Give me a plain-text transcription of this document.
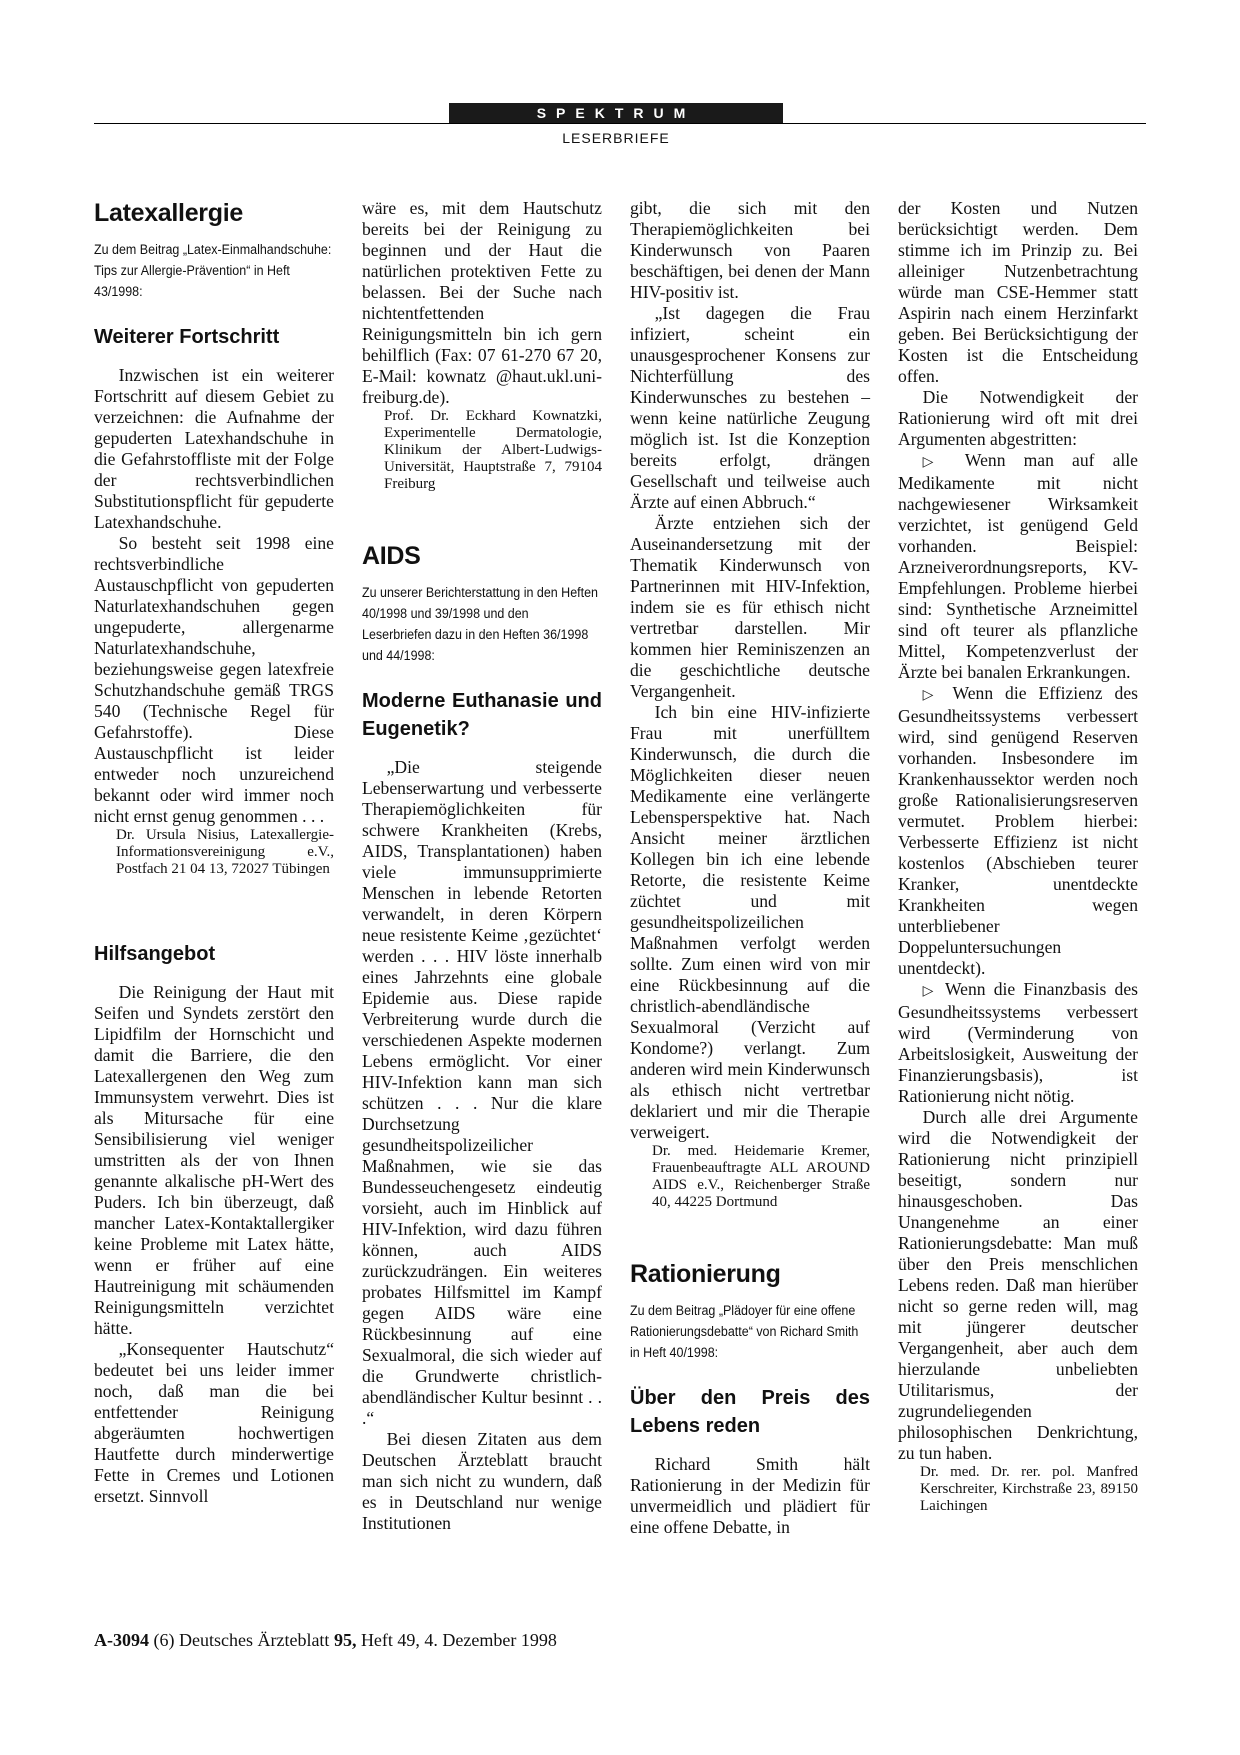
SPEKTRUM
LESERBRIEFE
Latexallergie
Zu dem Beitrag „Latex-Einmalhandschuhe: Tips zur Allergie-Prävention“ in Heft 43/1998:
Weiterer Fortschritt

Inzwischen ist ein weiterer Fortschritt auf diesem Gebiet zu verzeichnen: die Aufnahme der gepuderten Latexhandschuhe in die Gefahrstoffliste mit der Folge der rechtsverbindlichen Substitutionspflicht für gepuderte Latexhandschuhe.

So besteht seit 1998 eine rechtsverbindliche Austauschpflicht von gepuderten Naturlatexhandschuhen gegen ungepuderte, allergenarme Naturlatexhandschuhe, beziehungsweise gegen latexfreie Schutzhandschuhe gemäß TRGS 540 (Technische Regel für Gefahrstoffe). Diese Austauschpflicht ist leider entweder noch unzureichend bekannt oder wird immer noch nicht ernst genug genommen . . .

Dr. Ursula Nisius, Latexallergie-Informationsvereinigung e.V., Postfach 21 04 13, 72027 Tübingen

Hilfsangebot

Die Reinigung der Haut mit Seifen und Syndets zerstört den Lipidfilm der Hornschicht und damit die Barriere, die den Latexallergenen den Weg zum Immunsystem verwehrt. Dies ist als Mitursache für eine Sensibilisierung viel weniger umstritten als der von Ihnen genannte alkalische pH-Wert des Puders. Ich bin überzeugt, daß mancher Latex-Kontaktallergiker keine Probleme mit Latex hätte, wenn er früher auf eine Hautreinigung mit schäumenden Reinigungsmitteln verzichtet hätte.

„Konsequenter Hautschutz“ bedeutet bei uns leider immer noch, daß man die bei entfettender Reinigung abgeräumten hochwertigen Hautfette durch minderwertige Fette in Cremes und Lotionen ersetzt. Sinnvoll

wäre es, mit dem Hautschutz bereits bei der Reinigung zu beginnen und der Haut die natürlichen protektiven Fette zu belassen. Bei der Suche nach nichtentfettenden Reinigungsmitteln bin ich gern behilflich (Fax: 07 61-270 67 20, E-Mail: kownatz @haut.ukl.uni-freiburg.de).

Prof. Dr. Eckhard Kownatzki, Experimentelle Dermatologie, Klinikum der Albert-Ludwigs-Universität, Hauptstraße 7, 79104 Freiburg

AIDS
Zu unserer Berichterstattung in den Heften 40/1998 und 39/1998 und den Leserbriefen dazu in den Heften 36/1998 und 44/1998:
Moderne Euthanasie und Eugenetik?

„Die steigende Lebenserwartung und verbesserte Therapiemöglichkeiten für schwere Krankheiten (Krebs, AIDS, Transplantationen) haben viele immunsupprimierte Menschen in lebende Retorten verwandelt, in deren Körpern neue resistente Keime ‚gezüchtet‘ werden . . . HIV löste innerhalb eines Jahrzehnts eine globale Epidemie aus. Diese rapide Verbreiterung wurde durch die verschiedenen Aspekte modernen Lebens ermöglicht. Vor einer HIV-Infektion kann man sich schützen . . . Nur die klare Durchsetzung gesundheitspolizeilicher Maßnahmen, wie sie das Bundesseuchengesetz eindeutig vorsieht, auch im Hinblick auf HIV-Infektion, wird dazu führen können, auch AIDS zurückzudrängen. Ein weiteres probates Hilfsmittel im Kampf gegen AIDS wäre eine Rückbesinnung auf eine Sexualmoral, die sich wieder auf die Grundwerte christlich-abendländischer Kultur besinnt . . .“

Bei diesen Zitaten aus dem Deutschen Ärzteblatt braucht man sich nicht zu wundern, daß es in Deutschland nur wenige Institutionen

gibt, die sich mit den Therapiemöglichkeiten bei Kinderwunsch von Paaren beschäftigen, bei denen der Mann HIV-positiv ist.

„Ist dagegen die Frau infiziert, scheint ein unausgesprochener Konsens zur Nichterfüllung des Kinderwunsches zu bestehen – wenn keine natürliche Zeugung möglich ist. Ist die Konzeption bereits erfolgt, drängen Gesellschaft und teilweise auch Ärzte auf einen Abbruch.“

Ärzte entziehen sich der Auseinandersetzung mit der Thematik Kinderwunsch von Partnerinnen mit HIV-Infektion, indem sie es für ethisch nicht vertretbar darstellen. Mir kommen hier Reminiszenzen an die geschichtliche deutsche Vergangenheit.

Ich bin eine HIV-infizierte Frau mit unerfülltem Kinderwunsch, die durch die Möglichkeiten dieser neuen Medikamente eine verlängerte Lebensperspektive hat. Nach Ansicht meiner ärztlichen Kollegen bin ich eine lebende Retorte, die resistente Keime züchtet und mit gesundheitspolizeilichen Maßnahmen verfolgt werden sollte. Zum einen wird von mir eine Rückbesinnung auf die christlich-abendländische Sexualmoral (Verzicht auf Kondome?) verlangt. Zum anderen wird mein Kinderwunsch als ethisch nicht vertretbar deklariert und mir die Therapie verweigert.

Dr. med. Heidemarie Kremer, Frauenbeauftragte ALL AROUND AIDS e.V., Reichenberger Straße 40, 44225 Dortmund

Rationierung
Zu dem Beitrag „Plädoyer für eine offene Rationierungsdebatte“ von Richard Smith in Heft 40/1998:
Über den Preis des Lebens reden

Richard Smith hält Rationierung in der Medizin für unvermeidlich und plädiert für eine offene Debatte, in

der Kosten und Nutzen berücksichtigt werden. Dem stimme ich im Prinzip zu. Bei alleiniger Nutzenbetrachtung würde man CSE-Hemmer statt Aspirin nach einem Herzinfarkt geben. Bei Berücksichtigung der Kosten ist die Entscheidung offen.

Die Notwendigkeit der Rationierung wird oft mit drei Argumenten abgestritten:

▷ Wenn man auf alle Medikamente mit nicht nachgewiesener Wirksamkeit verzichtet, ist genügend Geld vorhanden. Beispiel: Arzneiverordnungsreports, KV-Empfehlungen. Probleme hierbei sind: Synthetische Arzneimittel sind oft teurer als pflanzliche Mittel, Kompetenzverlust der Ärzte bei banalen Erkrankungen.

▷ Wenn die Effizienz des Gesundheitssystems verbessert wird, sind genügend Reserven vorhanden. Insbesondere im Krankenhaussektor werden noch große Rationalisierungsreserven vermutet. Problem hierbei: Verbesserte Effizienz ist nicht kostenlos (Abschieben teurer Kranker, unentdeckte Krankheiten wegen unterbliebener Doppeluntersuchungen unentdeckt).

▷ Wenn die Finanzbasis des Gesundheitssystems verbessert wird (Verminderung von Arbeitslosigkeit, Ausweitung der Finanzierungsbasis), ist Rationierung nicht nötig.

Durch alle drei Argumente wird die Notwendigkeit der Rationierung nicht prinzipiell beseitigt, sondern nur hinausgeschoben. Das Unangenehme an einer Rationierungsdebatte: Man muß über den Preis menschlichen Lebens reden. Daß man hierüber nicht so gerne reden will, mag mit jüngerer deutscher Vergangenheit, aber auch dem hierzulande unbeliebten Utilitarismus, der zugrundeliegenden philosophischen Denkrichtung, zu tun haben.

Dr. med. Dr. rer. pol. Manfred Kerschreiter, Kirchstraße 23, 89150 Laichingen

A-3094 (6) Deutsches Ärzteblatt 95, Heft 49, 4. Dezember 1998
